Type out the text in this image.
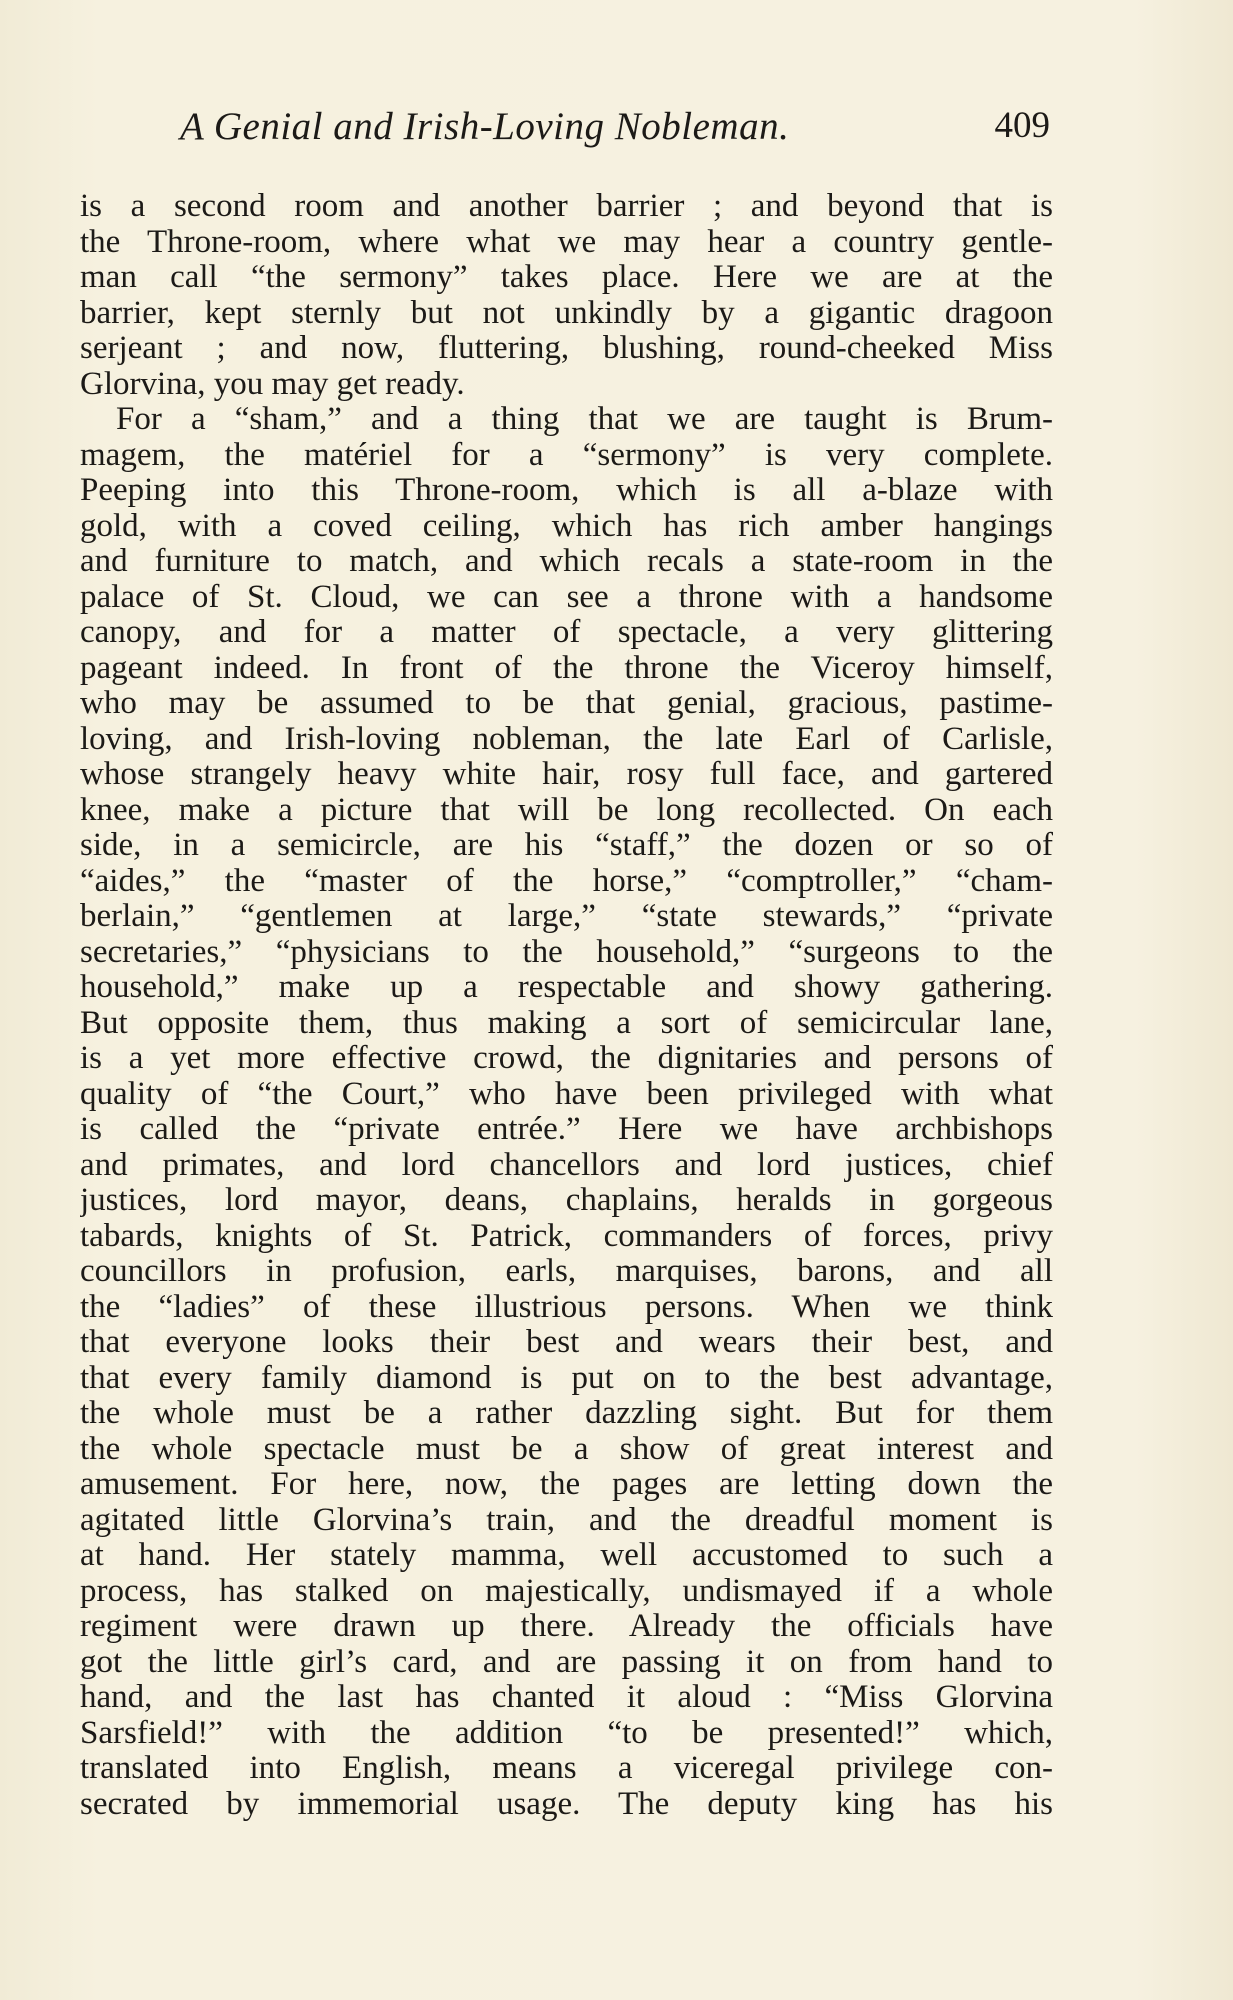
A Genial and Irish-Loving Nobleman.	409
is a second room and another barrier ; and beyond that is
the Throne-room, where what we may hear a country gentle-
man call “the sermony” takes place. Here we are at the
barrier, kept sternly but not unkindly by a gigantic dragoon
serjeant ; and now, fluttering, blushing, round-cheeked Miss
Glorvina, you may get ready.
For a “sham,” and a thing that we are taught is Brum-
magem, the matériel for a “sermony” is very complete.
Peeping into this Throne-room, which is all a-blaze with
gold, with a coved ceiling, which has rich amber hangings
and furniture to match, and which recals a state-room in the
palace of St. Cloud, we can see a throne with a handsome
canopy, and for a matter of spectacle, a very glittering
pageant indeed. In front of the throne the Viceroy himself,
who may be assumed to be that genial, gracious, pastime-
loving, and Irish-loving nobleman, the late Earl of Carlisle,
whose strangely heavy white hair, rosy full face, and gartered
knee, make a picture that will be long recollected. On each
side, in a semicircle, are his “staff,” the dozen or so of
“aides,” the “master of the horse,” “comptroller,” “cham-
berlain,” “gentlemen at large,” “state stewards,” “private
secretaries,” “physicians to the household,” “surgeons to the
household,” make up a respectable and showy gathering.
But opposite them, thus making a sort of semicircular lane,
is a yet more effective crowd, the dignitaries and persons of
quality of “the Court,” who have been privileged with what
is called the “private entrée.” Here we have archbishops
and primates, and lord chancellors and lord justices, chief
justices, lord mayor, deans, chaplains, heralds in gorgeous
tabards, knights of St. Patrick, commanders of forces, privy
councillors in profusion, earls, marquises, barons, and all
the “ladies” of these illustrious persons. When we think
that everyone looks their best and wears their best, and
that every family diamond is put on to the best advantage,
the whole must be a rather dazzling sight. But for them
the whole spectacle must be a show of great interest and
amusement. For here, now, the pages are letting down the
agitated little Glorvina’s train, and the dreadful moment is
at hand. Her stately mamma, well accustomed to such a
process, has stalked on majestically, undismayed if a whole
regiment were drawn up there. Already the officials have
got the little girl’s card, and are passing it on from hand to
hand, and the last has chanted it aloud : “Miss Glorvina
Sarsfield!” with the addition “to be presented!” which,
translated into English, means a viceregal privilege con-
secrated by immemorial usage. The deputy king has his
